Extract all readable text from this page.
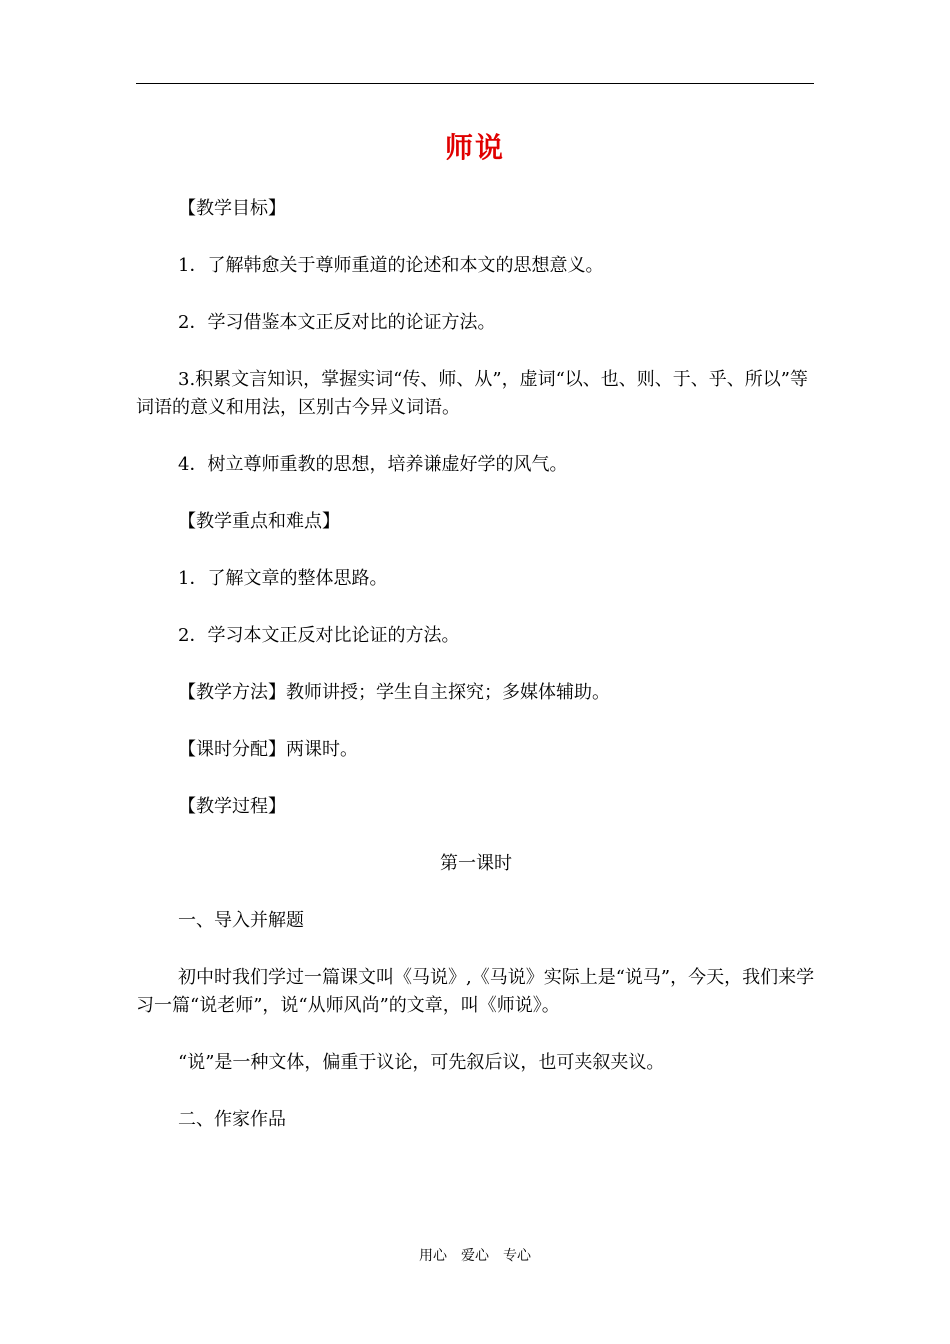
师说

【教学目标】

1．了解韩愈关于尊师重道的论述和本文的思想意义。

2．学习借鉴本文正反对比的论证方法。

3.积累文言知识，掌握实词“传、师、从”，虚词“以、也、则、于、乎、所以”等词语的意义和用法，区别古今异义词语。

4．树立尊师重教的思想，培养谦虚好学的风气。

【教学重点和难点】

1．了解文章的整体思路。

2．学习本文正反对比论证的方法。

【教学方法】教师讲授；学生自主探究；多媒体辅助。

【课时分配】两课时。

【教学过程】

第一课时

一、导入并解题

初中时我们学过一篇课文叫《马说》,《马说》实际上是“说马”，今天，我们来学习一篇“说老师”，说“从师风尚”的文章，叫《师说》。

“说”是一种文体，偏重于议论，可先叙后议，也可夹叙夹议。

二、作家作品

用心　爱心　专心
